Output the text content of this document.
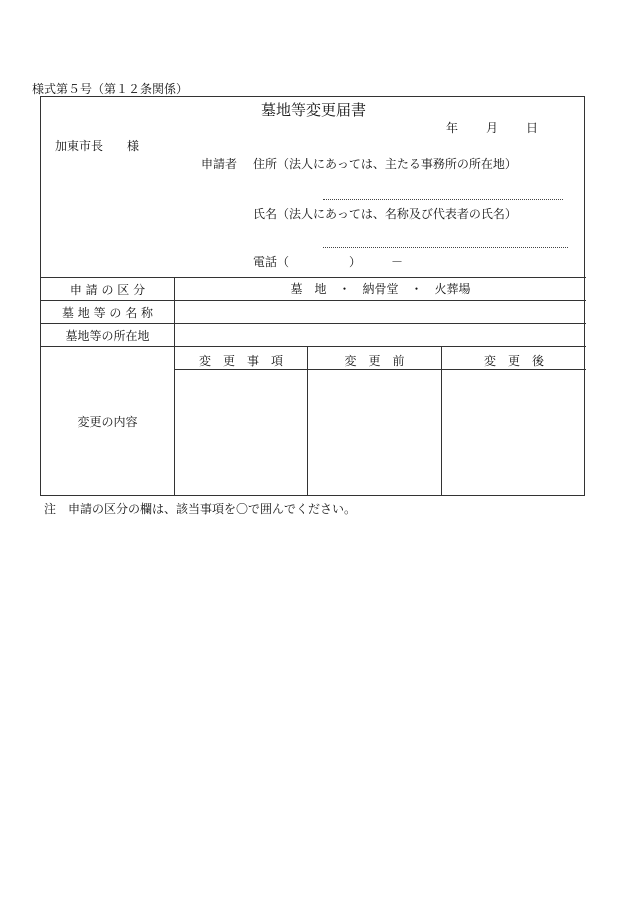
様式第５号（第１２条関係）
墓地等変更届書
年 月 日
加東市長　　様
申請者 住所（法人にあっては、主たる事務所の所在地）
氏名（法人にあっては、名称及び代表者の氏名）
電話（　　　　　）　　　－
申 請 の 区 分	墓　地　・　納骨堂　・　火葬場
墓 地 等 の 名 称
墓地等の所在地
変更の内容
変　更　事　項	変　更　前	変　更　後
注　申請の区分の欄は、該当事項を〇で囲んでください。
